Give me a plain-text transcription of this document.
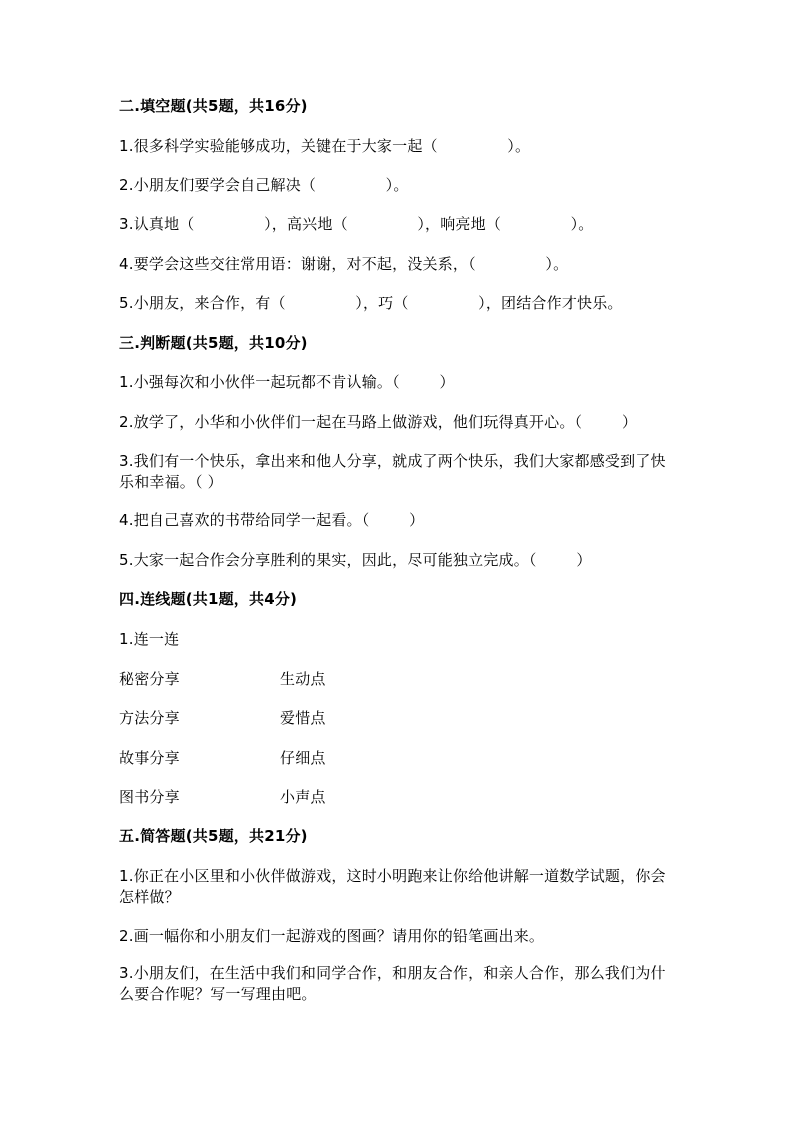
二.填空题(共5题，共16分)
1.很多科学实验能够成功，关键在于大家一起（              ）。
2.小朋友们要学会自己解决（              ）。
3.认真地（              ），高兴地（              ），响亮地（              ）。
4.要学会这些交往常用语：谢谢，对不起，没关系，（              ）。
5.小朋友，来合作，有（              ），巧（              ），团结合作才快乐。
三.判断题(共5题，共10分)
1.小强每次和小伙伴一起玩都不肯认输。（        ）
2.放学了，小华和小伙伴们一起在马路上做游戏，他们玩得真开心。（        ）
3.我们有一个快乐，拿出来和他人分享，就成了两个快乐，我们大家都感受到了快乐和幸福。（ ）
4.把自己喜欢的书带给同学一起看。（        ）
5.大家一起合作会分享胜利的果实，因此，尽可能独立完成。（        ）
四.连线题(共1题，共4分)
1.连一连
秘密分享	生动点
方法分享	爱惜点
故事分享	仔细点
图书分享	小声点
五.简答题(共5题，共21分)
1.你正在小区里和小伙伴做游戏，这时小明跑来让你给他讲解一道数学试题，你会怎样做？
2.画一幅你和小朋友们一起游戏的图画？请用你的铅笔画出来。
3.小朋友们，在生活中我们和同学合作，和朋友合作，和亲人合作，那么我们为什么要合作呢？写一写理由吧。
